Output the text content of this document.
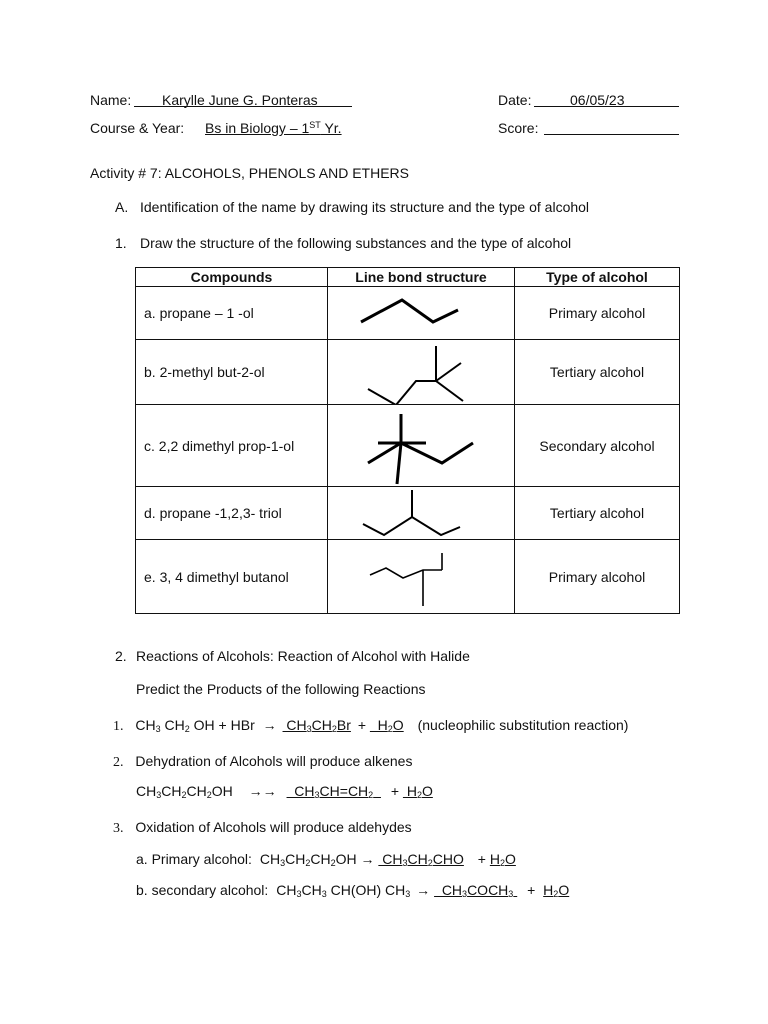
Name: Karylle June G. Ponteras	Date:	06/05/23
Course & Year: Bs in Biology – 1ST Yr.	Score:
Activity # 7: ALCOHOLS, PHENOLS AND ETHERS
A. Identification of the name by drawing its structure and the type of alcohol
1. Draw the structure of the following substances and the type of alcohol
Compounds	Line bond structure	Type of alcohol
a. propane – 1 -ol		Primary alcohol
b. 2-methyl but-2-ol		Tertiary alcohol
c. 2,2 dimethyl prop-1-ol		Secondary alcohol
d. propane -1,2,3- triol		Tertiary alcohol
e. 3, 4 dimethyl butanol		Primary alcohol
2. Reactions of Alcohols: Reaction of Alcohol with Halide
Predict the Products of the following Reactions
1. $CH_3$ $CH_2$ OH + HBr →  $CH_3CH_2Br + H_2O$ (nucleophilic substitution reaction)
2. Dehydration of Alcohols will produce alkenes
$CH_3CH_2CH_2OH \to\to CH_3CH=CH_2 + H_2O$
3. Oxidation of Alcohols will produce aldehydes
a. Primary alcohol: $CH_3CH_2CH_2OH \to CH_3CH_2CHO + H_2O$
b. secondary alcohol: $CH_3CH_3$ CH(OH) $CH_3$ →   $CH_3COCH_3 + H_2O$
